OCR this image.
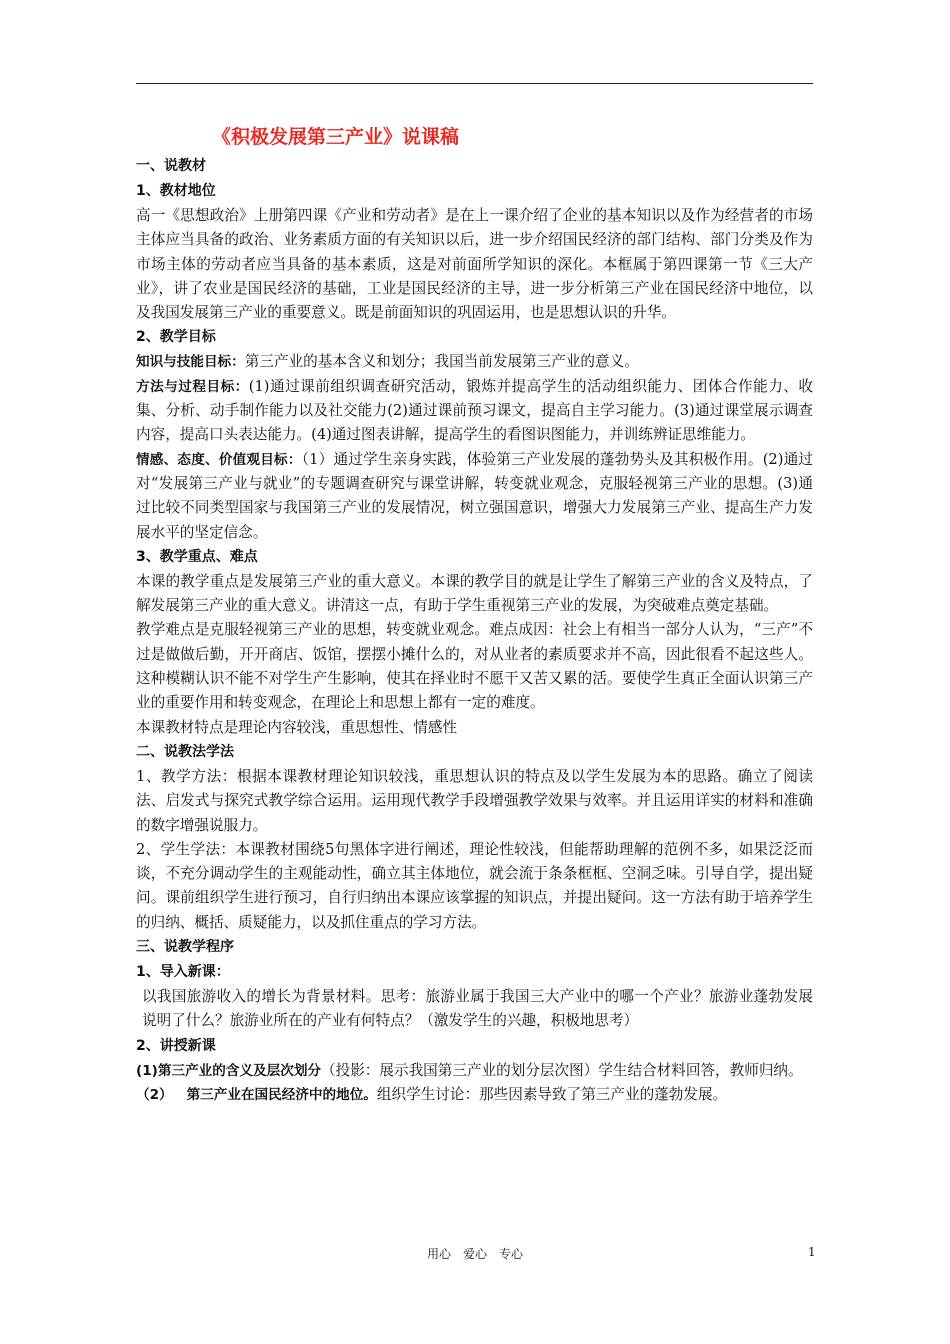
《积极发展第三产业》说课稿
一、说教材
1、教材地位

高一《思想政治》上册第四课《产业和劳动者》是在上一课介绍了企业的基本知识以及作为经营者的市场主体应当具备的政治、业务素质方面的有关知识以后，进一步介绍国民经济的部门结构、部门分类及作为市场主体的劳动者应当具备的基本素质，这是对前面所学知识的深化。本框属于第四课第一节《三大产业》，讲了农业是国民经济的基础，工业是国民经济的主导，进一步分析第三产业在国民经济中地位，以及我国发展第三产业的重要意义。既是前面知识的巩固运用，也是思想认识的升华。

2、教学目标

知识与技能目标：第三产业的基本含义和划分；我国当前发展第三产业的意义。

方法与过程目标：(1)通过课前组织调查研究活动，锻炼并提高学生的活动组织能力、团体合作能力、收集、分析、动手制作能力以及社交能力(2)通过课前预习课文，提高自主学习能力。(3)通过课堂展示调查内容，提高口头表达能力。(4)通过图表讲解，提高学生的看图识图能力，并训练辨证思维能力。

情感、态度、价值观目标：（1）通过学生亲身实践，体验第三产业发展的蓬勃势头及其积极作用。(2)通过对“发展第三产业与就业”的专题调查研究与课堂讲解，转变就业观念，克服轻视第三产业的思想。(3)通过比较不同类型国家与我国第三产业的发展情况，树立强国意识，增强大力发展第三产业、提高生产力发展水平的坚定信念。

3、教学重点、难点

本课的教学重点是发展第三产业的重大意义。本课的教学目的就是让学生了解第三产业的含义及特点，了解发展第三产业的重大意义。讲清这一点，有助于学生重视第三产业的发展，为突破难点奠定基础。

教学难点是克服轻视第三产业的思想，转变就业观念。难点成因：社会上有相当一部分人认为，“三产”不过是做做后勤，开开商店、饭馆，摆摆小摊什么的，对从业者的素质要求并不高，因此很看不起这些人。这种模糊认识不能不对学生产生影响，使其在择业时不愿干又苦又累的活。要使学生真正全面认识第三产业的重要作用和转变观念，在理论上和思想上都有一定的难度。

本课教材特点是理论内容较浅，重思想性、情感性

二、说教法学法

1、教学方法：根据本课教材理论知识较浅，重思想认识的特点及以学生发展为本的思路。确立了阅读法、启发式与探究式教学综合运用。运用现代教学手段增强教学效果与效率。并且运用详实的材料和准确的数字增强说服力。

2、学生学法：本课教材围绕5句黑体字进行阐述，理论性较浅，但能帮助理解的范例不多，如果泛泛而谈，不充分调动学生的主观能动性，确立其主体地位，就会流于条条框框、空洞乏味。引导自学，提出疑问。课前组织学生进行预习，自行归纳出本课应该掌握的知识点，并提出疑问。这一方法有助于培养学生的归纳、概括、质疑能力，以及抓住重点的学习方法。

三、说教学程序
1、导入新课：

以我国旅游收入的增长为背景材料。思考：旅游业属于我国三大产业中的哪一个产业？旅游业蓬勃发展说明了什么？旅游业所在的产业有何特点？（激发学生的兴趣，积极地思考）

2、讲授新课

(1)第三产业的含义及层次划分（投影：展示我国第三产业的划分层次图）学生结合材料回答，教师归纳。

（2） 第三产业在国民经济中的地位。组织学生讨论：那些因素导致了第三产业的蓬勃发展。

用心　爱心　专心	1
